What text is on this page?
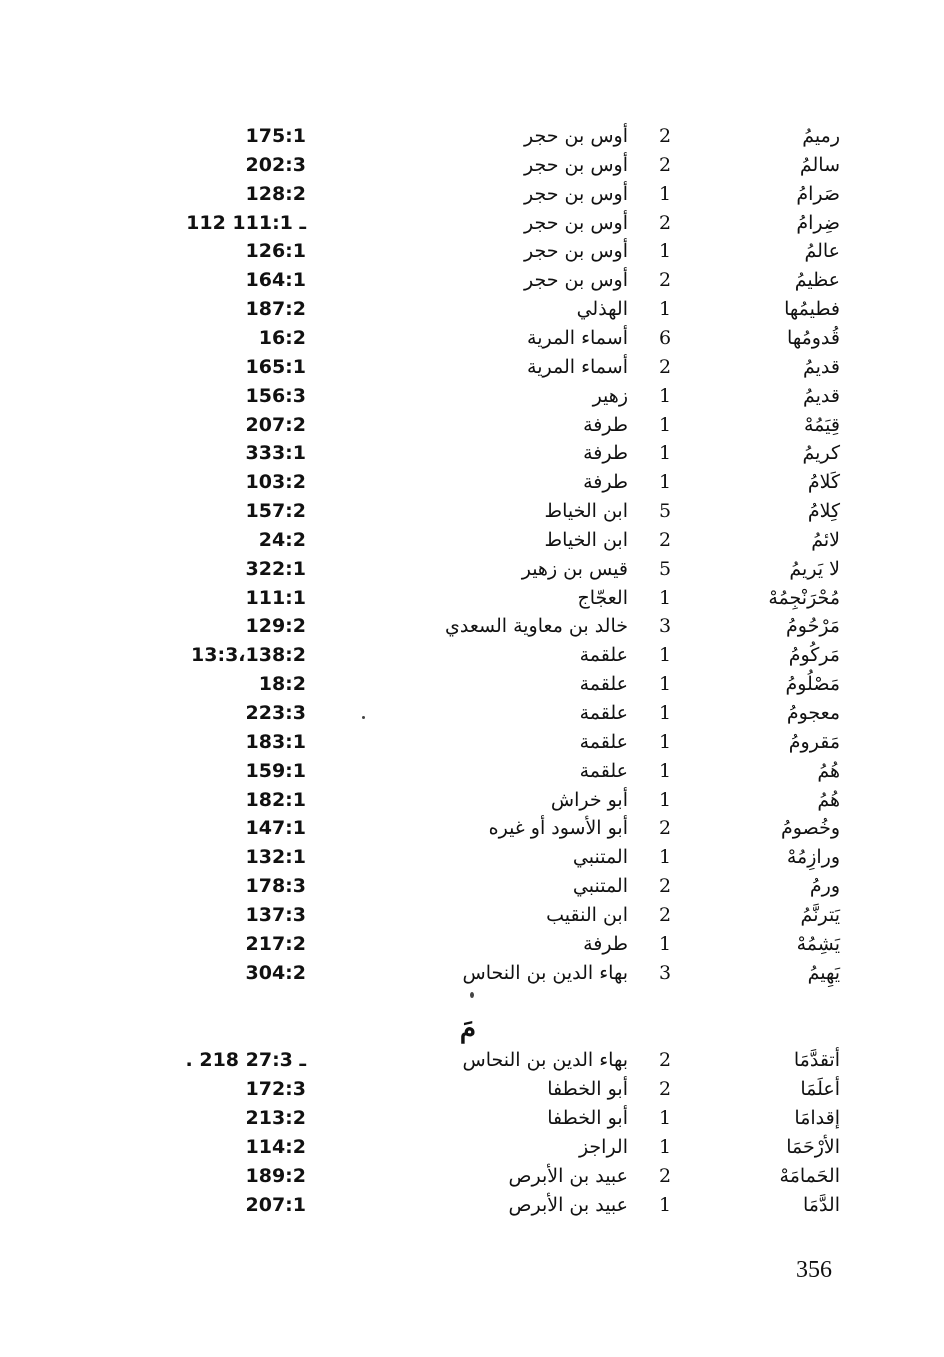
رميمُ
2
أوس بن حجر
175:1
سالمُ
2
أوس بن حجر
202:3
صَرامُ
1
أوس بن حجر
128:2
ضِرامُ
2
أوس بن حجر
112 ـ 111:1
عالمُ
1
أوس بن حجر
126:1
عظيمُ
2
أوس بن حجر
164:1
فطيمُها
1
الهذلي
187:2
قُدومُها
6
أسماء المرية
16:2
قديمُ
2
أسماء المرية
165:1
قديمُ
1
زهير
156:3
قِيَمُهْ
1
طرفة
207:2
كريمُ
1
طرفة
333:1
كَلامُ
1
طرفة
103:2
كِلامُ
5
ابن الخياط
157:2
لائمُ
2
ابن الخياط
24:2
لا يَريمُ
5
قيس بن زهير
322:1
مُحْرَنْجِمُهْ
1
العجّاج
111:1
مَرْحُومُ
3
خالد بن معاوية السعدي
129:2
مَركُومُ
1
علقمة
13:3،138:2
مَصْلُومُ
1
علقمة
18:2
معجومُ
1
علقمة
223:3
مَقرومُ
1
علقمة
183:1
هُمُ
1
علقمة
159:1
هُمُ
1
أبو خراش
182:1
وخُصومُ
2
أبو الأسود أو غيره
147:1
ورازِمُهْ
1
المتنبي
132:1
ورمُ
2
المتنبي
178:3
يَترنَّمُ
2
ابن النقيب
137:3
يَشِمُهْ
1
طرفة
217:2
يَهِيمُ
3
بهاء الدين بن النحاس
304:2
مَ
أتقدَّمَا
2
بهاء الدين بن النحاس
. 218 ـ 27:3
أعلَمَا
2
أبو الخطفا
172:3
إقدامَا
1
أبو الخطفا
213:2
الأرْحَمَا
1
الراجز
114:2
الحَمامَهْ
2
عبيد بن الأبرص
189:2
الدَّمَا
1
عبيد بن الأبرص
207:1
356
